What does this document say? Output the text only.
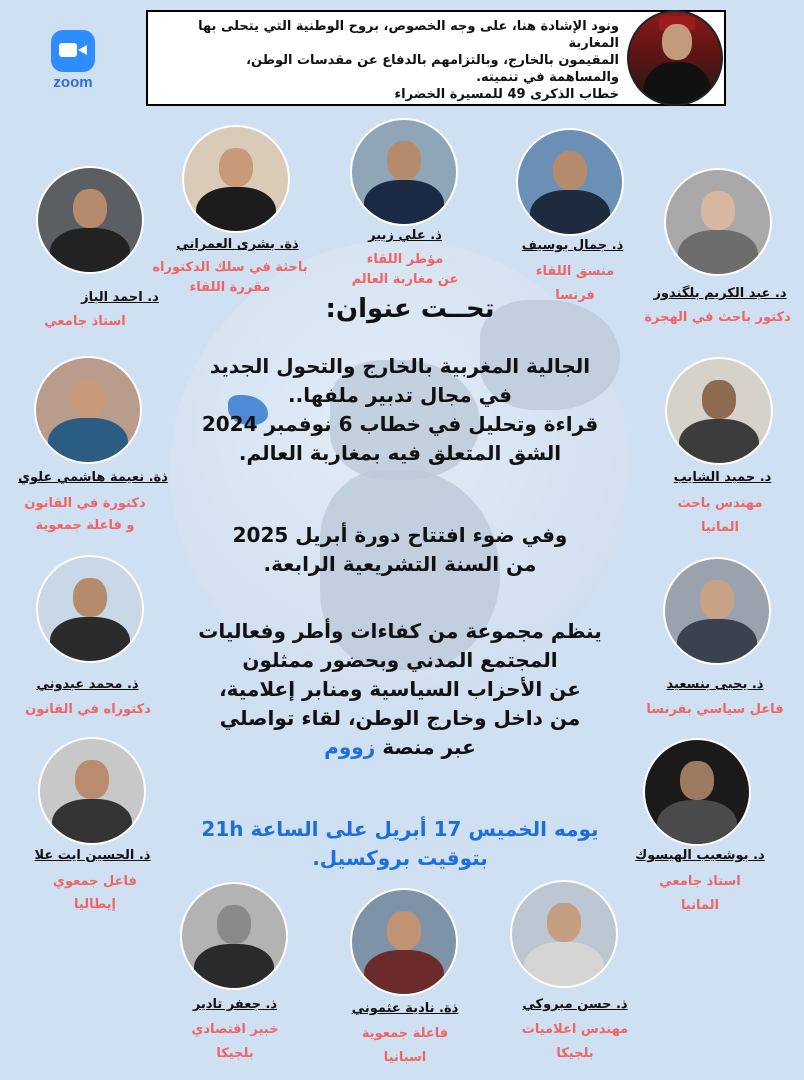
ونود الإشادة هنا، على وجه الخصوص، بروح الوطنية التي يتحلى بها المغاربة
المقيمون بالخارج، وبالتزامهم بالدفاع عن مقدسات الوطن،
والمساهمة في تنميته.
خطاب الذكرى 49 للمسيرة الخضراء
zoom
د. احمد الباز
استاذ جامعي
ذة. بشرى العمراني
باحثة في سلك الدكتوراه
مقررة اللقاء
ذ. علي زبير
مؤطر اللقاء
عن مغاربة العالم
ذ. جمال بوسيف
منسق اللقاء
فرنسا	د. عبد الكريم بلگندوز
دكتور باحث في الهجرة
ذة. نعيمة هاشمي علوي
دكتورة في القانون
و فاعلة جمعوية
د. حميد الشايب
مهندس باحث
المانيا
ذ. محمد عبدوني
دكتوراه في القانون
ذ. يحيى بنسعيد
فاعل سياسي بفرنسا
ذ. الحسين ايت علا
فاعل جمعوي
إيطاليا
د. بوشعيب الهيسوك
استاذ جامعي
المانيا
ذ. جعفر تادير
خبير اقتصادي
بلجيكا
ذة. نادية عثموني
فاعلة جمعوية
اسبانيا
ذ. حسن مبروكي
مهندس اعلاميات
بلجيكا
تحــت عنوان:
الجالية المغربية بالخارج والتحول الجديد
في مجال تدبير ملفها..
قراءة وتحليل في خطاب 6 نوفمبر 2024
الشق المتعلق فيه بمغاربة العالم.
وفي ضوء افتتاح دورة أبريل 2025
من السنة التشريعية الرابعة.
ينظم مجموعة من كفاءات وأطر وفعاليات
المجتمع المدني وبحضور ممثلون
عن الأحزاب السياسية ومنابر إعلامية،
من داخل وخارج الوطن، لقاء تواصلي
عبر منصة زووم
يومه الخميس 17 أبريل على الساعة 21h
بتوقيت بروكسيل.
